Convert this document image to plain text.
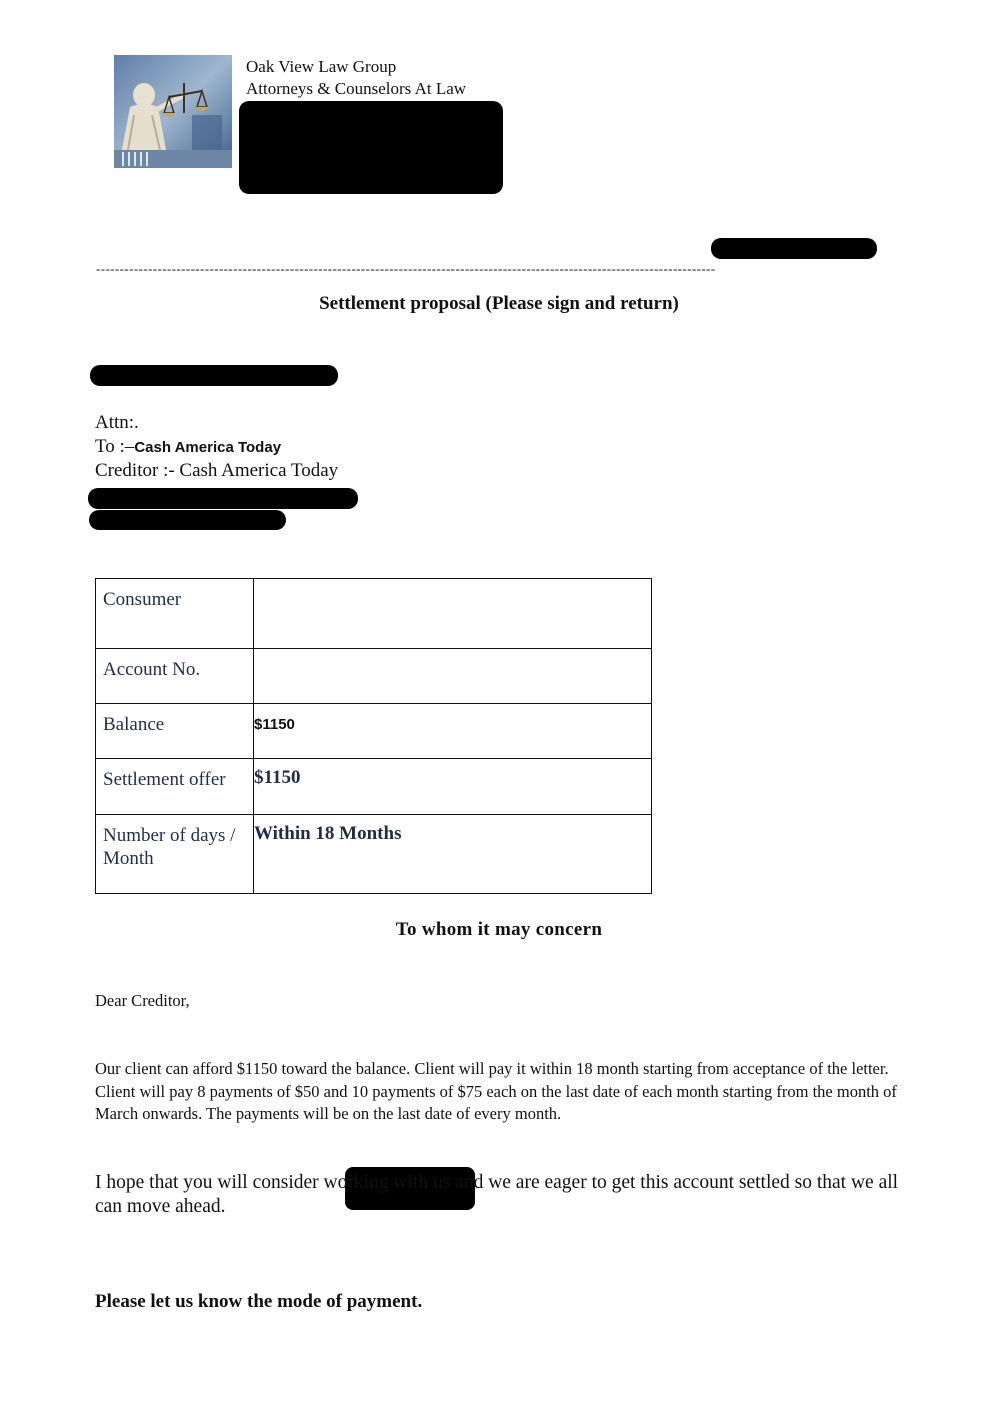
Oak View Law Group
Attorneys & Counselors At Law
-----------------------------------------------------------------------------------------------------------------------------------
Settlement proposal (Please sign and return)
Attn:.
To :–Cash America Today
Creditor :- Cash America Today
Consumer	

Account No.	
Balance	$1150
Settlement offer	$1150
Number of days / Month	Within 18 Months
To whom it may concern
Dear Creditor,
Our client can afford $1150 toward the balance. Client will pay it within 18 month starting from acceptance of the letter. Client will pay 8 payments of $50 and 10 payments of $75 each on the last date of each month starting from the month of March onwards. The payments will be on the last date of every month.
I hope that you will consider working with us and we are eager to get this account settled so that we all can move ahead.
Please let us know the mode of payment.
